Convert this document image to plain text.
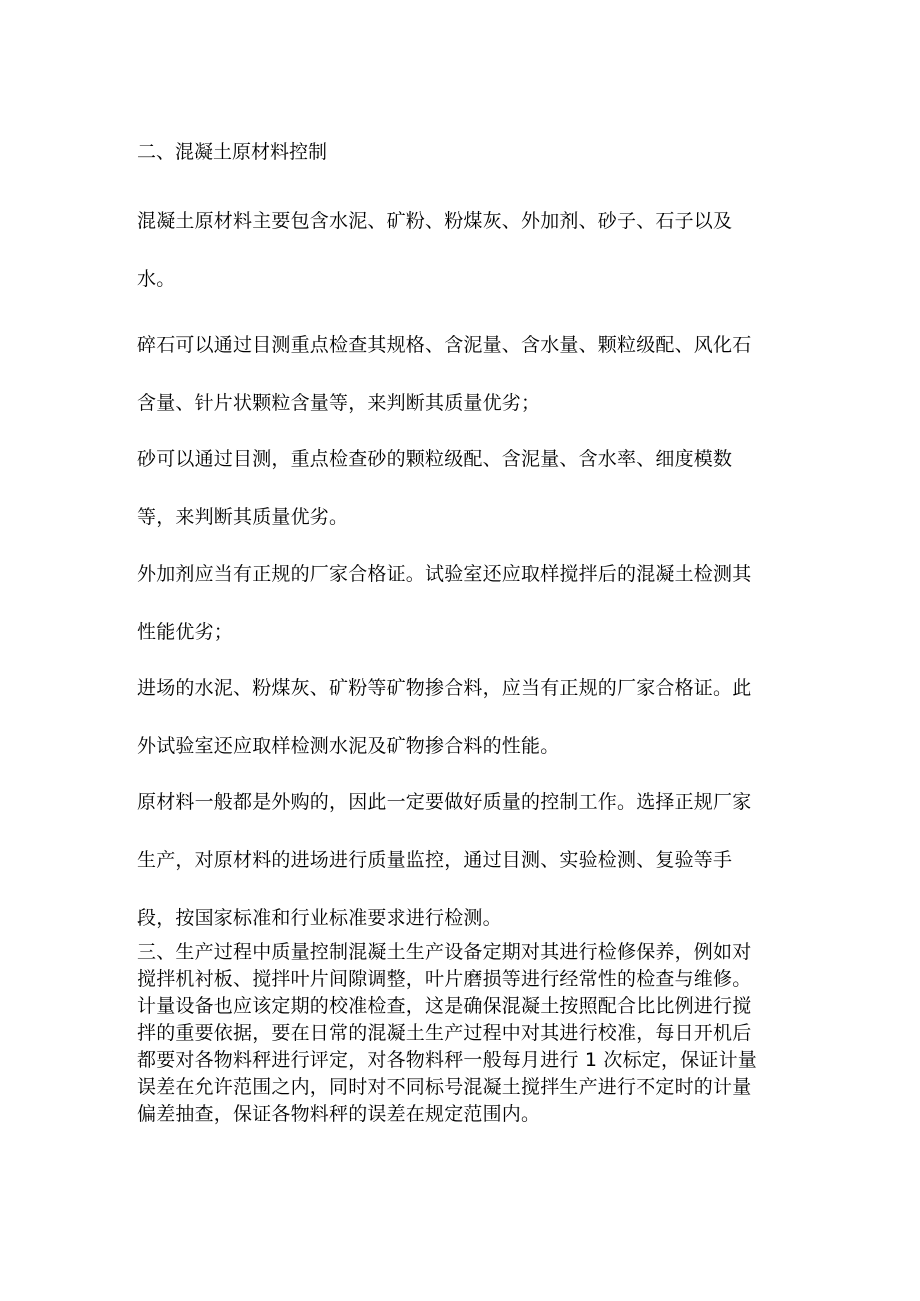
二、混凝土原材料控制

混凝土原材料主要包含水泥、矿粉、粉煤灰、外加剂、砂子、石子以及
水。

碎石可以通过目测重点检查其规格、含泥量、含水量、颗粒级配、风化石
含量、针片状颗粒含量等，来判断其质量优劣；

砂可以通过目测，重点检查砂的颗粒级配、含泥量、含水率、细度模数
等，来判断其质量优劣。

外加剂应当有正规的厂家合格证。试验室还应取样搅拌后的混凝土检测其
性能优劣；

进场的水泥、粉煤灰、矿粉等矿物掺合料，应当有正规的厂家合格证。此
外试验室还应取样检测水泥及矿物掺合料的性能。

原材料一般都是外购的，因此一定要做好质量的控制工作。选择正规厂家
生产，对原材料的进场进行质量监控，通过目测、实验检测、复验等手
段，按国家标准和行业标准要求进行检测。

三、生产过程中质量控制混凝土生产设备定期对其进行检修保养，例如对
搅拌机衬板、搅拌叶片间隙调整，叶片磨损等进行经常性的检查与维修。
计量设备也应该定期的校准检查，这是确保混凝土按照配合比比例进行搅
拌的重要依据，要在日常的混凝土生产过程中对其进行校准，每日开机后
都要对各物料秤进行评定，对各物料秤一般每月进行 1 次标定，保证计量
误差在允许范围之内，同时对不同标号混凝土搅拌生产进行不定时的计量
偏差抽查，保证各物料秤的误差在规定范围内。
